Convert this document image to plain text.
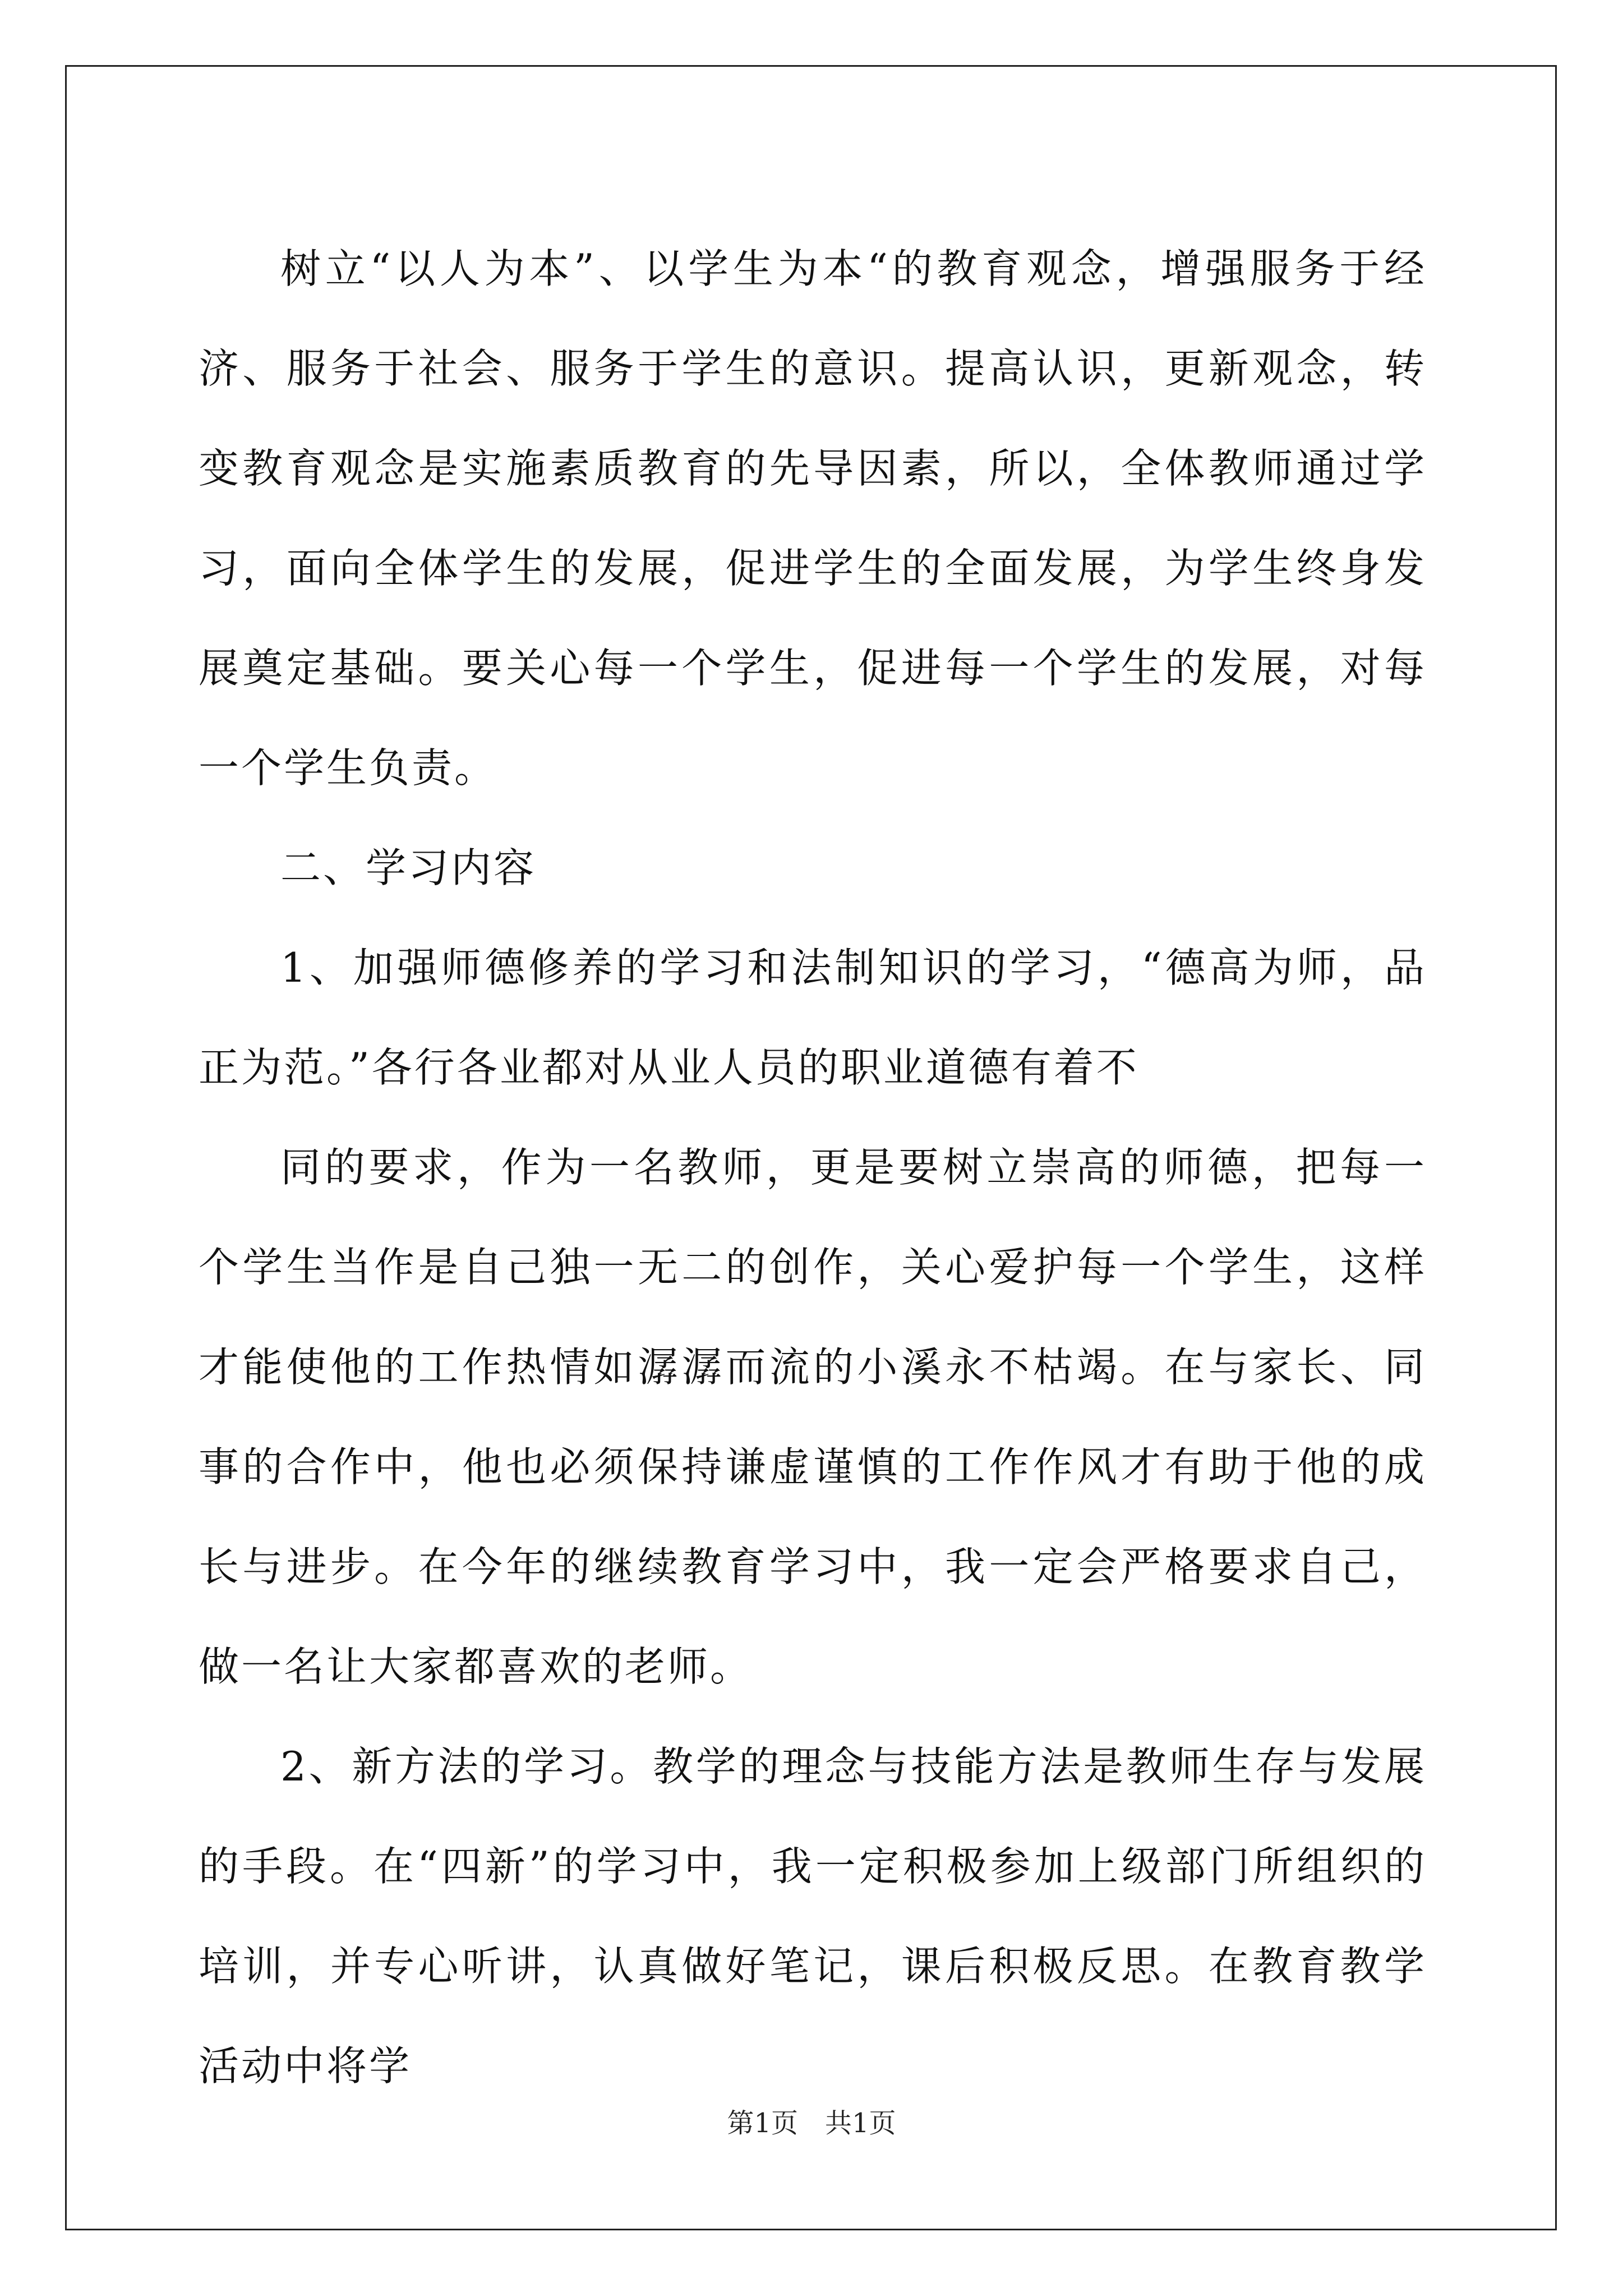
树立“以人为本”、以学生为本“的教育观念，增强服务于经济、服务于社会、服务于学生的意识。提高认识，更新观念，转变教育观念是实施素质教育的先导因素，所以，全体教师通过学习，面向全体学生的发展，促进学生的全面发展，为学生终身发展奠定基础。要关心每一个学生，促进每一个学生的发展，对每一个学生负责。

二、学习内容

1、加强师德修养的学习和法制知识的学习，“德高为师，品正为范。”各行各业都对从业人员的职业道德有着不

同的要求，作为一名教师，更是要树立崇高的师德，把每一个学生当作是自己独一无二的创作，关心爱护每一个学生，这样才能使他的工作热情如潺潺而流的小溪永不枯竭。在与家长、同事的合作中，他也必须保持谦虚谨慎的工作作风才有助于他的成长与进步。在今年的继续教育学习中，我一定会严格要求自己，做一名让大家都喜欢的老师。

2、新方法的学习。教学的理念与技能方法是教师生存与发展的手段。在“四新”的学习中，我一定积极参加上级部门所组织的培训，并专心听讲，认真做好笔记，课后积极反思。在教育教学活动中将学

第1页　共1页
